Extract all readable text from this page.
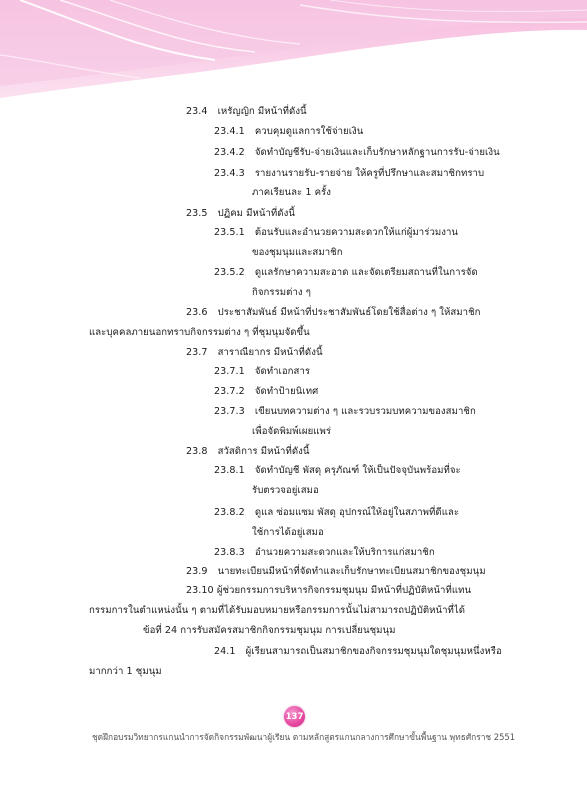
23.4 เหรัญญิก มีหน้าที่ดังนี้
23.4.1 ควบคุมดูแลการใช้จ่ายเงิน
23.4.2 จัดทำบัญชีรับ-จ่ายเงินและเก็บรักษาหลักฐานการรับ-จ่ายเงิน
23.4.3 รายงานรายรับ-รายจ่าย ให้ครูที่ปรึกษาและสมาชิกทราบ
ภาคเรียนละ 1 ครั้ง
23.5 ปฏิคม มีหน้าที่ดังนี้
23.5.1 ต้อนรับและอำนวยความสะดวกให้แก่ผู้มาร่วมงาน
ของชุมนุมและสมาชิก
23.5.2 ดูแลรักษาความสะอาด และจัดเตรียมสถานที่ในการจัด
กิจกรรมต่าง ๆ
23.6 ประชาสัมพันธ์ มีหน้าที่ประชาสัมพันธ์โดยใช้สื่อต่าง ๆ ให้สมาชิก
และบุคคลภายนอกทราบกิจกรรมต่าง ๆ ที่ชุมนุมจัดขึ้น
23.7 สาราณียากร มีหน้าที่ดังนี้
23.7.1 จัดทำเอกสาร
23.7.2 จัดทำป้ายนิเทศ
23.7.3 เขียนบทความต่าง ๆ และรวบรวมบทความของสมาชิก
เพื่อจัดพิมพ์เผยแพร่
23.8 สวัสดิการ มีหน้าที่ดังนี้
23.8.1 จัดทำบัญชี พัสดุ ครุภัณฑ์ ให้เป็นปัจจุบันพร้อมที่จะ
รับตรวจอยู่เสมอ
23.8.2 ดูแล ซ่อมแซม พัสดุ อุปกรณ์ให้อยู่ในสภาพที่ดีและ
ใช้การได้อยู่เสมอ
23.8.3 อำนวยความสะดวกและให้บริการแก่สมาชิก
23.9 นายทะเบียนมีหน้าที่จัดทำและเก็บรักษาทะเบียนสมาชิกของชุมนุม
23.10 ผู้ช่วยกรรมการบริหารกิจกรรมชุมนุม มีหน้าที่ปฏิบัติหน้าที่แทน
กรรมการในตำแหน่งนั้น ๆ ตามที่ได้รับมอบหมายหรือกรรมการนั้นไม่สามารถปฏิบัติหน้าที่ได้
ข้อที่ 24 การรับสมัครสมาชิกกิจกรรมชุมนุม การเปลี่ยนชุมนุม
24.1 ผู้เรียนสามารถเป็นสมาชิกของกิจกรรมชุมนุมใดชุมนุมหนึ่งหรือ
มากกว่า 1 ชุมนุม
137
ชุดฝึกอบรมวิทยากรแกนนำการจัดกิจกรรมพัฒนาผู้เรียน ตามหลักสูตรแกนกลางการศึกษาขั้นพื้นฐาน พุทธศักราช 2551
